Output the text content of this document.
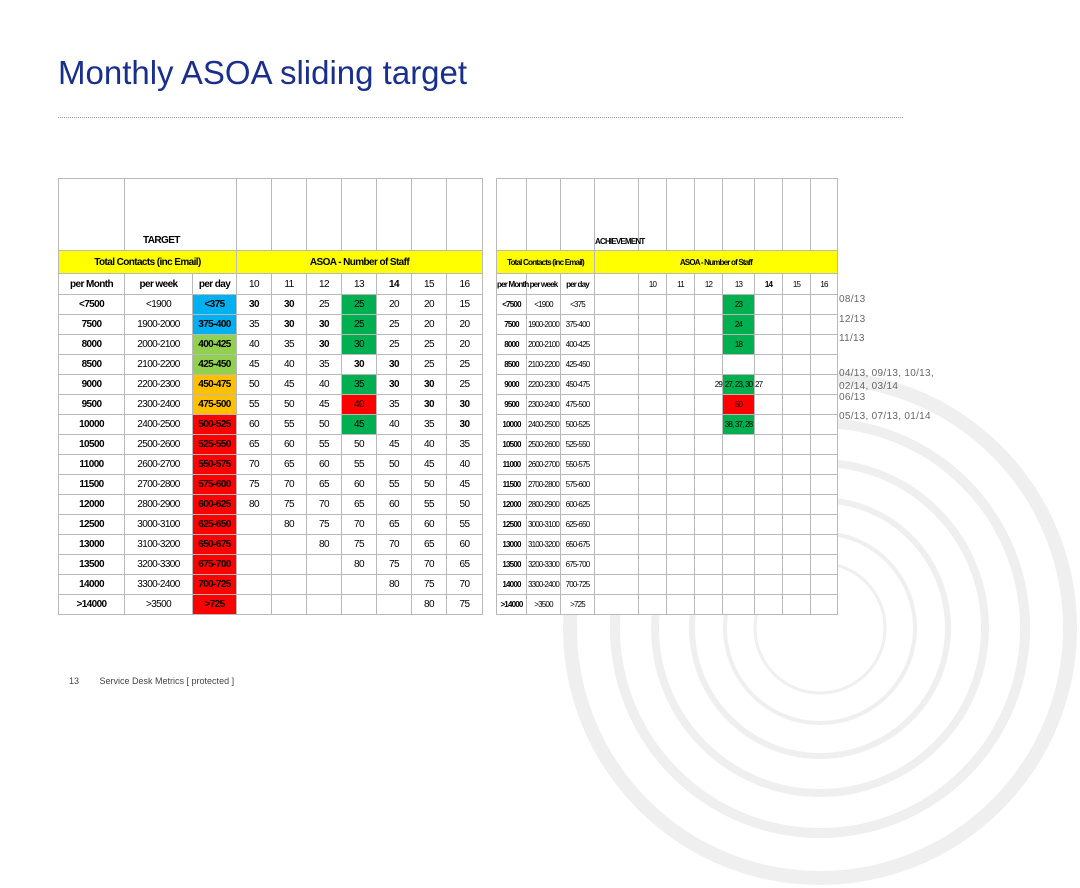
Monthly ASOA sliding target
	TARGET								
Total Contacts (inc Email)			ASOA - Number of Staff						
per Month	per week	per day	10	11	12	13	14	15	16
<7500	<1900	<375	30	30	25	25	20	20	15
7500	1900-2000	375-400	35	30	30	25	25	20	20
8000	2000-2100	400-425	40	35	30	30	25	25	20
8500	2100-2200	425-450	45	40	35	30	30	25	25
9000	2200-2300	450-475	50	45	40	35	30	30	25
9500	2300-2400	475-500	55	50	45	40	35	30	30
10000	2400-2500	500-525	60	55	50	45	40	35	30
10500	2500-2600	525-550	65	60	55	50	45	40	35
11000	2600-2700	550-575	70	65	60	55	50	45	40
11500	2700-2800	575-600	75	70	65	60	55	50	45
12000	2800-2900	600-625	80	75	70	65	60	55	50
12500	3000-3100	625-650		80	75	70	65	60	55
13000	3100-3200	650-675			80	75	70	65	60
13500	3200-3300	675-700				80	75	70	65
14000	3300-2400	700-725					80	75	70
>14000	>3500	>725						80	75
			ACHIEVEMENT							
Total Contacts (inc Email)			ASOA - Number of Staff							
per Month	per week	per day		10	11	12	13	14	15	16
<7500	<1900	<375					23			
7500	1900-2000	375-400					24			
8000	2000-2100	400-425					18			
8500	2100-2200	425-450								
9000	2200-2300	450-475				29	27, 23, 30	27		
9500	2300-2400	475-500					50			
10000	2400-2500	500-525					38, 37, 28			
10500	2500-2600	525-550								
11000	2600-2700	550-575								
11500	2700-2800	575-600								
12000	2800-2900	600-625								
12500	3000-3100	625-650								
13000	3100-3200	650-675								
13500	3200-3300	675-700								
14000	3300-2400	700-725								
>14000	>3500	>725								
08/13
12/13
11/13
04/13, 09/13, 10/13,
02/14, 03/14
06/13
05/13, 07/13, 01/14
13 Service Desk Metrics [ protected ]
